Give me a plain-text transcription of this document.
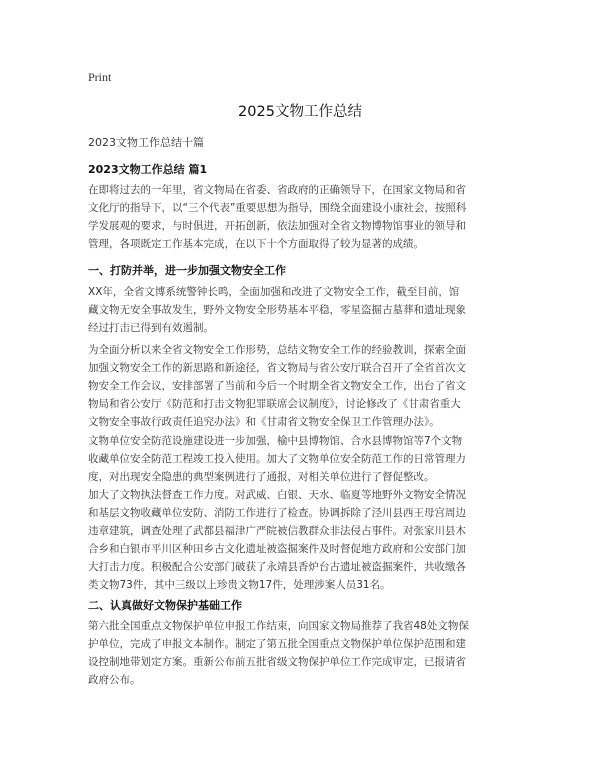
Print
2025文物工作总结
2023文物工作总结十篇
2023文物工作总结 篇1
在即将过去的一年里，省文物局在省委、省政府的正确领导下，在国家文物局和省
文化厅的指导下，以“三个代表”重要思想为指导，围绕全面建设小康社会，按照科
学发展观的要求，与时俱进，开拓创新，依法加强对全省文物博物馆事业的领导和
管理，各项既定工作基本完成，在以下十个方面取得了较为显著的成绩。
一、打防并举，进一步加强文物安全工作
XX年，全省文博系统警钟长鸣，全面加强和改进了文物安全工作，截至目前，馆
藏文物无安全事故发生，野外文物安全形势基本平稳，零星盗掘古墓葬和遗址现象
经过打击已得到有效遏制。
为全面分析以来全省文物安全工作形势，总结文物安全工作的经验教训，探索全面
加强文物安全工作的新思路和新途径，省文物局与省公安厅联合召开了全省首次文
物安全工作会议，安排部署了当前和今后一个时期全省文物安全工作，出台了省文
物局和省公安厅《防范和打击文物犯罪联席会议制度》，讨论修改了《甘肃省重大
文物安全事故行政责任追究办法》和《甘肃省文物安全保卫工作管理办法》。
文物单位安全防范设施建设进一步加强，榆中县博物馆、合水县博物馆等7个文物
收藏单位安全防范工程竣工投入使用。加大了文物单位安全防范工作的日常管理力
度，对出现安全隐患的典型案例进行了通报，对相关单位进行了督促整改。
加大了文物执法督查工作力度。对武威、白银、天水、临夏等地野外文物安全情况
和基层文物收藏单位安防、消防工作进行了检查。协调拆除了泾川县西王母宫周边
违章建筑，调查处理了武都县福津广严院被信教群众非法侵占事件。对张家川县木
合乡和白银市平川区种田乡古文化遗址被盗掘案件及时督促地方政府和公安部门加
大打击力度。积极配合公安部门破获了永靖县香炉台古遗址被盗掘案件，共收缴各
类文物73件，其中三级以上珍贵文物17件，处理涉案人员31名。
二、认真做好文物保护基础工作
第六批全国重点文物保护单位申报工作结束，向国家文物局推荐了我省48处文物保
护单位，完成了申报文本制作。制定了第五批全国重点文物保护单位保护范围和建
设控制地带划定方案。重新公布前五批省级文物保护单位工作完成审定，已报请省
政府公布。
